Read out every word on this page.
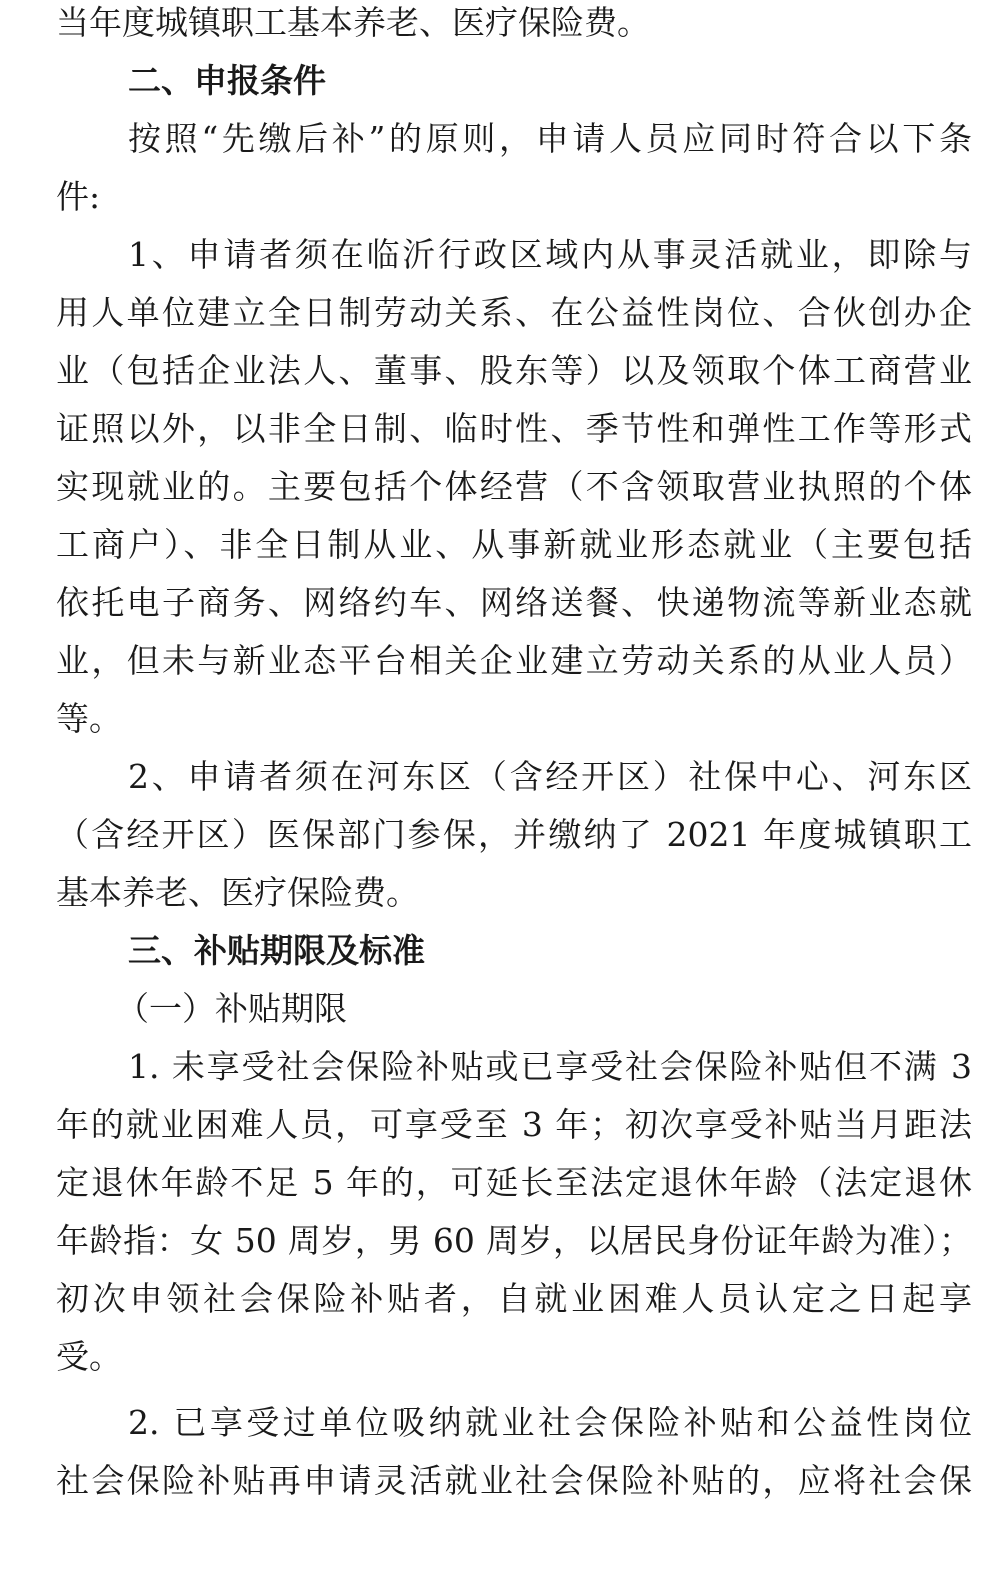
当年度城镇职工基本养老、医疗保险费。
二、申报条件
按照“先缴后补”的原则，申请人员应同时符合以下条
件:
1、申请者须在临沂行政区域内从事灵活就业，即除与
用人单位建立全日制劳动关系、在公益性岗位、合伙创办企
业（包括企业法人、董事、股东等）以及领取个体工商营业
证照以外，以非全日制、临时性、季节性和弹性工作等形式
实现就业的。主要包括个体经营（不含领取营业执照的个体
工商户）、非全日制从业、从事新就业形态就业（主要包括
依托电子商务、网络约车、网络送餐、快递物流等新业态就
业，但未与新业态平台相关企业建立劳动关系的从业人员）
等。
2、申请者须在河东区（含经开区）社保中心、河东区
（含经开区）医保部门参保，并缴纳了 2021 年度城镇职工
基本养老、医疗保险费。
三、补贴期限及标准
（一）补贴期限
1. 未享受社会保险补贴或已享受社会保险补贴但不满 3
年的就业困难人员，可享受至 3 年；初次享受补贴当月距法
定退休年龄不足 5 年的，可延长至法定退休年龄（法定退休
年龄指：女 50 周岁，男 60 周岁，以居民身份证年龄为准）；
初次申领社会保险补贴者，自就业困难人员认定之日起享
受。
2. 已享受过单位吸纳就业社会保险补贴和公益性岗位
社会保险补贴再申请灵活就业社会保险补贴的，应将社会保
